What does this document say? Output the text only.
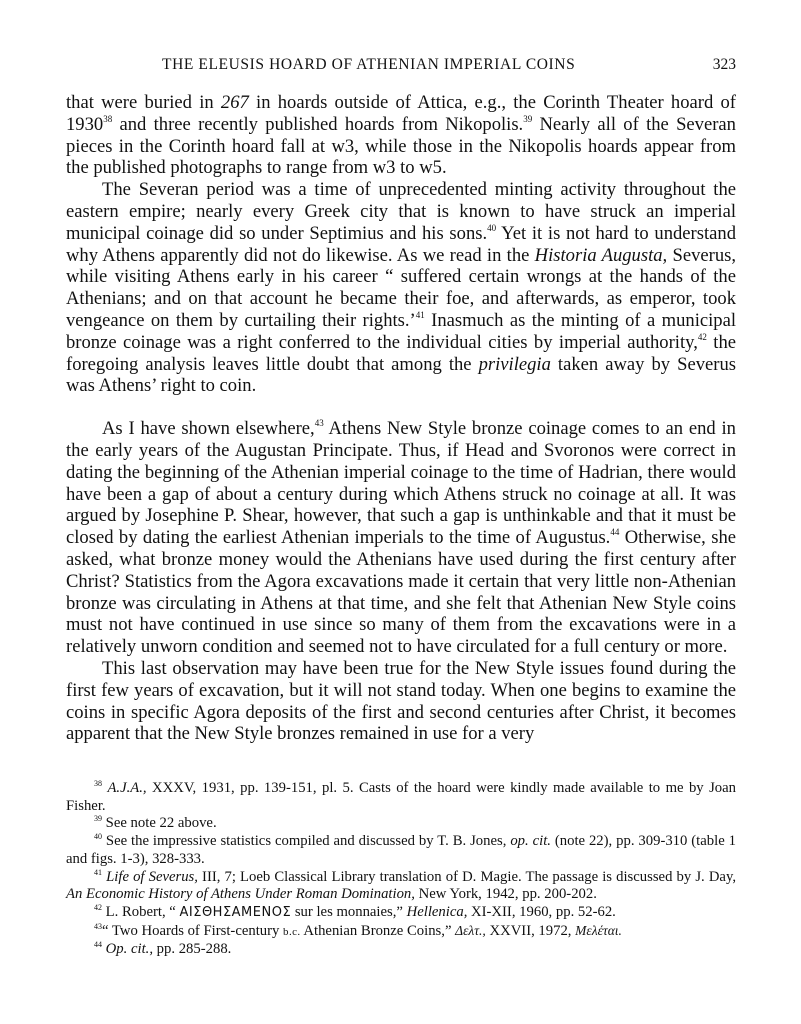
THE ELEUSIS HOARD OF ATHENIAN IMPERIAL COINS	323

that were buried in 267 in hoards outside of Attica, e.g., the Corinth Theater hoard of 1930$^{38}$ and three recently published hoards from Nikopolis.$^{39}$ Nearly all of the Severan pieces in the Corinth hoard fall at w3, while those in the Nikopolis hoards appear from the published photographs to range from w3 to w5.

The Severan period was a time of unprecedented minting activity throughout the eastern empire; nearly every Greek city that is known to have struck an imperial municipal coinage did so under Septimius and his sons.$^{40}$ Yet it is not hard to understand why Athens apparently did not do likewise. As we read in the Historia Augusta, Severus, while visiting Athens early in his career “ suffered certain wrongs at the hands of the Athenians; and on that account he became their foe, and afterwards, as emperor, took vengeance on them by curtailing their rights.’$^{41}$ Inasmuch as the minting of a municipal bronze coinage was a right conferred to the individual cities by imperial authority,$^{42}$ the foregoing analysis leaves little doubt that among the privilegia taken away by Severus was Athens’ right to coin.

As I have shown elsewhere,$^{43}$ Athens New Style bronze coinage comes to an end in the early years of the Augustan Principate. Thus, if Head and Svoronos were correct in dating the beginning of the Athenian imperial coinage to the time of Hadrian, there would have been a gap of about a century during which Athens struck no coinage at all. It was argued by Josephine P. Shear, however, that such a gap is unthinkable and that it must be closed by dating the earliest Athenian imperials to the time of Augustus.$^{44}$ Otherwise, she asked, what bronze money would the Athenians have used during the first century after Christ? Statistics from the Agora excavations made it certain that very little non-Athenian bronze was circulating in Athens at that time, and she felt that Athenian New Style coins must not have continued in use since so many of them from the excavations were in a relatively unworn condition and seemed not to have circulated for a full century or more.

This last observation may have been true for the New Style issues found during the first few years of excavation, but it will not stand today. When one begins to examine the coins in specific Agora deposits of the first and second centuries after Christ, it becomes apparent that the New Style bronzes remained in use for a very

$^{38}$ A.J.A., XXXV, 1931, pp. 139-151, pl. 5. Casts of the hoard were kindly made available to me by Joan Fisher.

$^{39}$ See note 22 above.

$^{40}$ See the impressive statistics compiled and discussed by T. B. Jones, op. cit. (note 22), pp. 309-310 (table 1 and figs. 1-3), 328-333.

$^{41}$ Life of Severus, III, 7; Loeb Classical Library translation of D. Magie. The passage is discussed by J. Day, An Economic History of Athens Under Roman Domination, New York, 1942, pp. 200-202.

$^{42}$ L. Robert, “ ΑΙΣΘΗΣΑΜΕΝΟΣ sur les monnaies,” Hellenica, XI-XII, 1960, pp. 52-62.

$^{43}$“ Two Hoards of First-century b.c. Athenian Bronze Coins,” Δελτ., XXVII, 1972, Μελέται.

$^{44}$ Op. cit., pp. 285-288.
